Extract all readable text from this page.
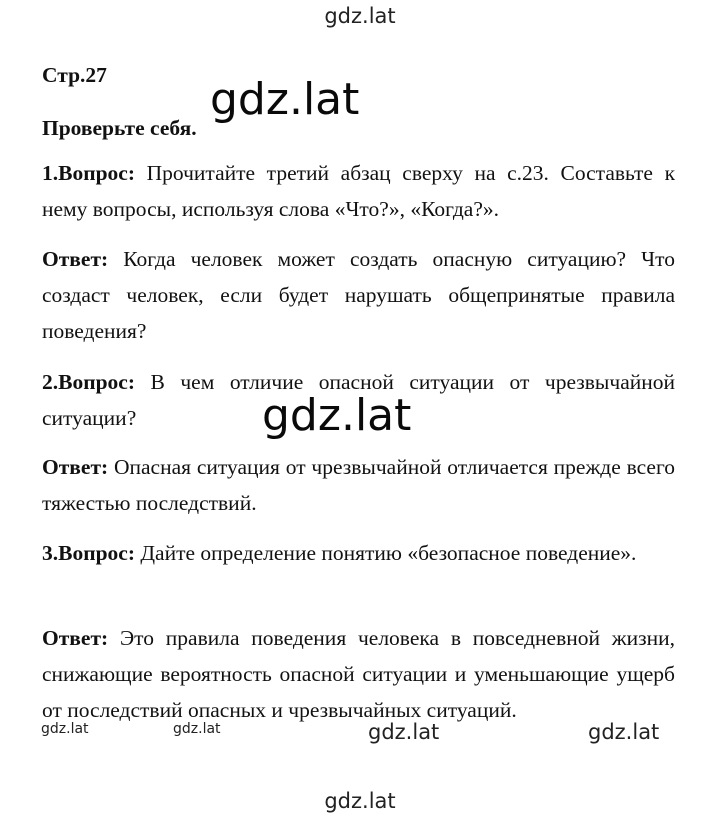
gdz.lat
Стр.27
Проверьте себя.
gdz.lat

1.Вопрос: Прочитайте третий абзац сверху на с.23. Составьте к нему вопросы, используя слова «Что?», «Когда?».

Ответ: Когда человек может создать опасную ситуацию? Что создаст человек, если будет нарушать общепринятые правила поведения?

2.Вопрос: В чем отличие опасной ситуации от чрезвычайной ситуации?	gdz.lat

Ответ: Опасная ситуация от чрезвычайной отличается прежде всего тяжестью последствий.

3.Вопрос: Дайте определение понятию «безопасное поведение».

Ответ: Это правила поведения человека в повседневной жизни, снижающие вероятность опасной ситуации и уменьшающие ущерб от последствий опасных и чрезвычайных ситуаций.

gdz.lat	gdz.lat	gdz.lat	gdz.lat
gdz.lat
